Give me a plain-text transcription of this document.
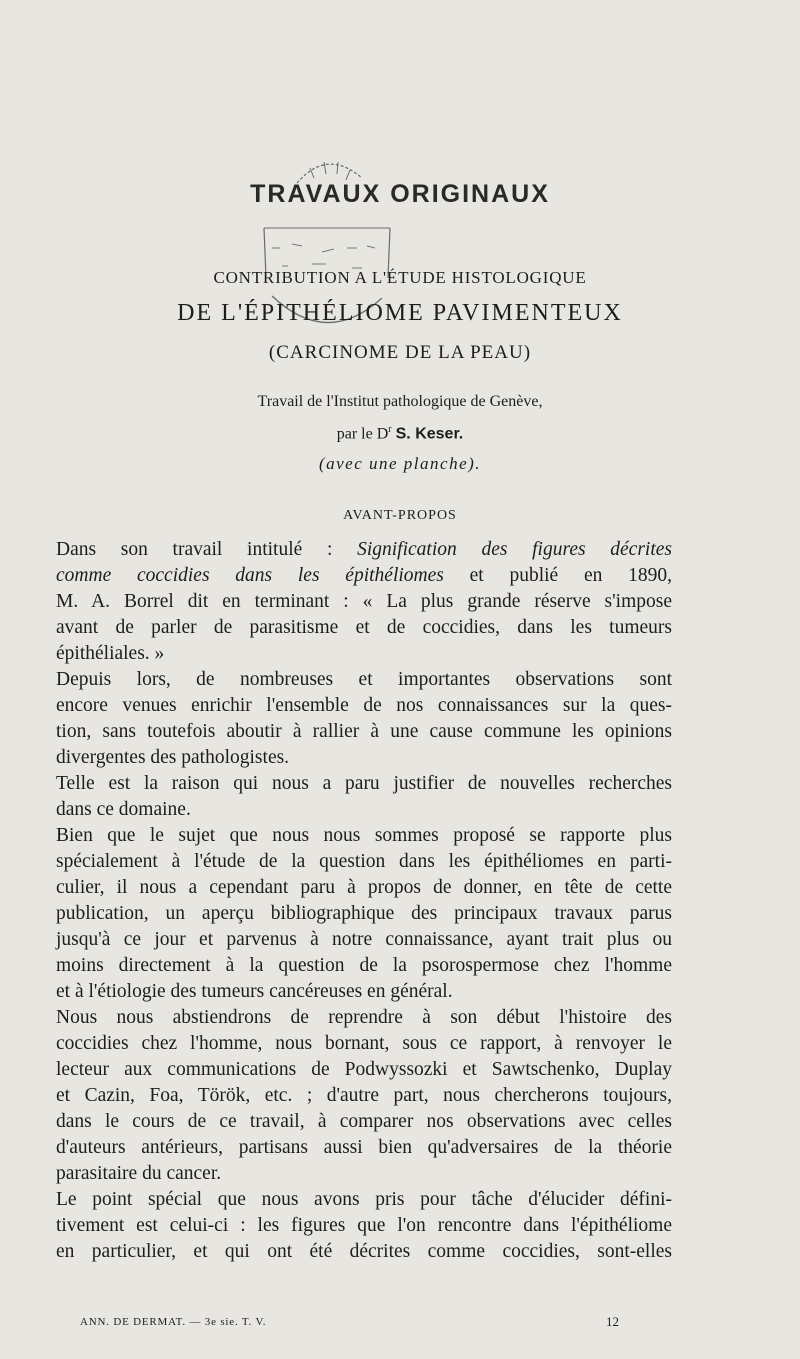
TRAVAUX ORIGINAUX
CONTRIBUTION A L'ÉTUDE HISTOLOGIQUE
DE L'ÉPITHÉLIOME PAVIMENTEUX
(CARCINOME DE LA PEAU)
Travail de l'Institut pathologique de Genève,
par le $D^r$ S. Keser.
(avec une planche).
AVANT-PROPOS

Dans son travail intitulé : Signification des figures décrites
comme coccidies dans les épithéliomes et publié en 1890,
M. A. Borrel dit en terminant : « La plus grande réserve s'impose
avant de parler de parasitisme et de coccidies, dans les tumeurs
épithéliales. »

Depuis lors, de nombreuses et importantes observations sont
encore venues enrichir l'ensemble de nos connaissances sur la ques-
tion, sans toutefois aboutir à rallier à une cause commune les opinions
divergentes des pathologistes.

Telle est la raison qui nous a paru justifier de nouvelles recherches
dans ce domaine.

Bien que le sujet que nous nous sommes proposé se rapporte plus
spécialement à l'étude de la question dans les épithéliomes en parti-
culier, il nous a cependant paru à propos de donner, en tête de cette
publication, un aperçu bibliographique des principaux travaux parus
jusqu'à ce jour et parvenus à notre connaissance, ayant trait plus ou
moins directement à la question de la psorospermose chez l'homme
et à l'étiologie des tumeurs cancéreuses en général.

Nous nous abstiendrons de reprendre à son début l'histoire des
coccidies chez l'homme, nous bornant, sous ce rapport, à renvoyer le
lecteur aux communications de Podwyssozki et Sawtschenko, Duplay
et Cazin, Foa, Török, etc. ; d'autre part, nous chercherons toujours,
dans le cours de ce travail, à comparer nos observations avec celles
d'auteurs antérieurs, partisans aussi bien qu'adversaires de la théorie
parasitaire du cancer.

Le point spécial que nous avons pris pour tâche d'élucider défini-
tivement est celui-ci : les figures que l'on rencontre dans l'épithéliome
en particulier, et qui ont été décrites comme coccidies, sont-elles

ANN. DE DERMAT. — 3e sie. T. V.	12
